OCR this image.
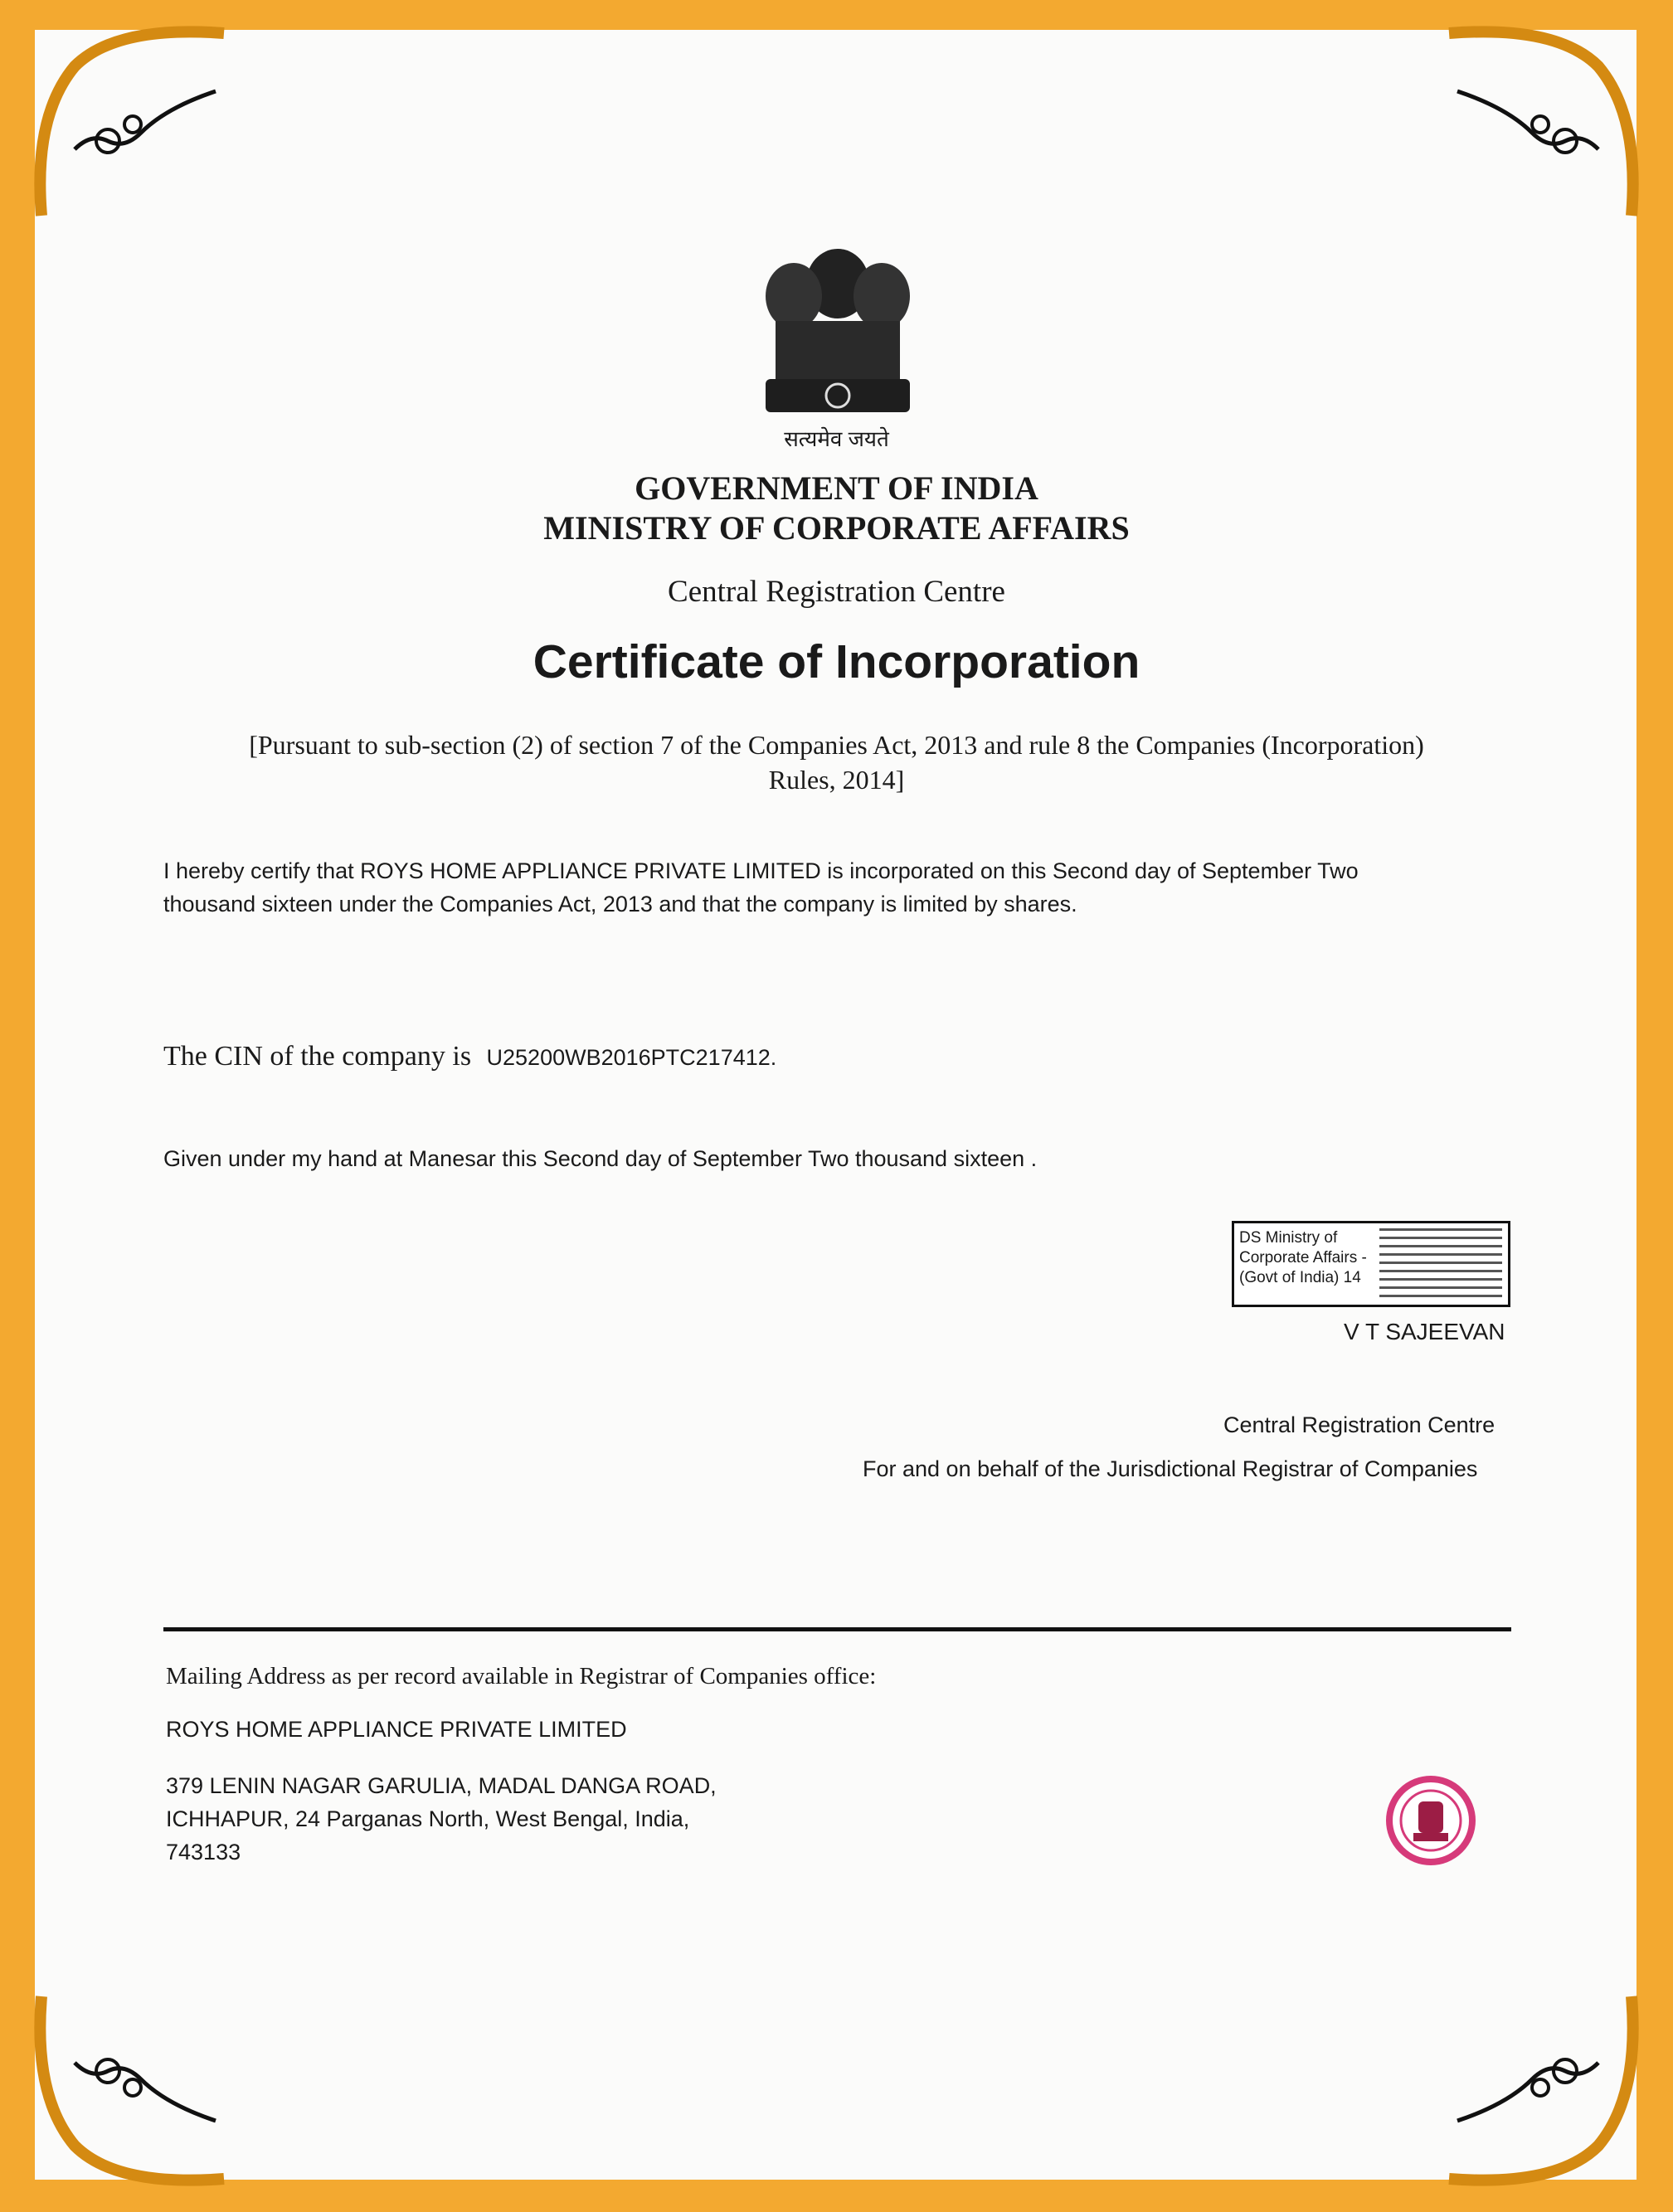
सत्यमेव जयते
GOVERNMENT OF INDIA
MINISTRY OF CORPORATE AFFAIRS
Central Registration Centre
Certificate of Incorporation
[Pursuant to sub-section (2) of section 7 of the Companies Act, 2013 and rule 8 the Companies (Incorporation)
Rules, 2014]
I hereby certify that ROYS HOME APPLIANCE PRIVATE LIMITED is incorporated on this Second day of September Two
thousand sixteen under the Companies Act, 2013 and that the company is limited by shares.
The CIN of the company is U25200WB2016PTC217412.
Given under my hand at Manesar this Second day of September Two thousand sixteen .
DS Ministry of Corporate Affairs - (Govt of India) 14
V T SAJEEVAN
Central Registration Centre
For and on behalf of the Jurisdictional Registrar of Companies
Mailing Address as per record available in Registrar of Companies office:
ROYS HOME APPLIANCE PRIVATE LIMITED
379 LENIN NAGAR GARULIA, MADAL DANGA ROAD,
ICHHAPUR, 24 Parganas North, West Bengal, India,
743133
